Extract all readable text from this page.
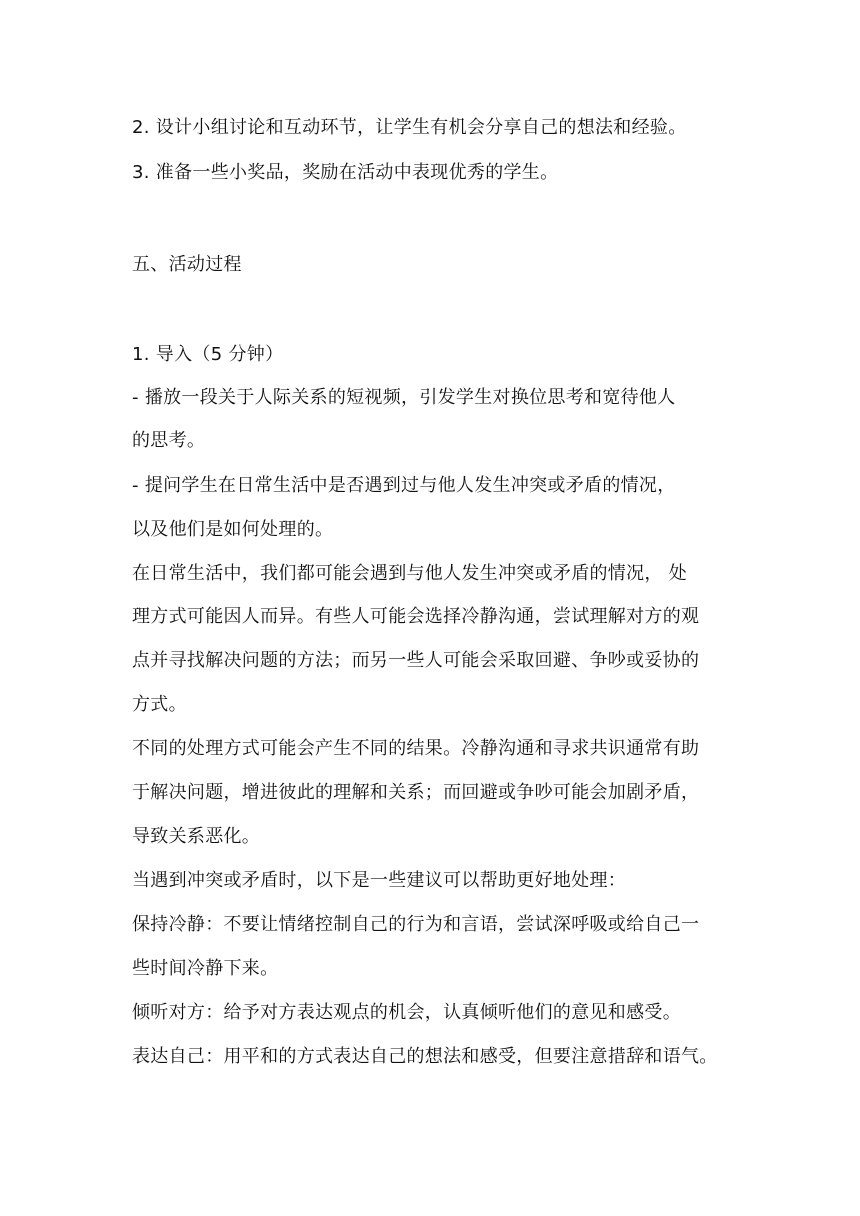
2. 设计小组讨论和互动环节，让学生有机会分享自己的想法和经验。

3. 准备一些小奖品，奖励在活动中表现优秀的学生。

五、活动过程

1. 导入（5 分钟）

- 播放一段关于人际关系的短视频，引发学生对换位思考和宽待他人

的思考。

- 提问学生在日常生活中是否遇到过与他人发生冲突或矛盾的情况，

以及他们是如何处理的。

在日常生活中，我们都可能会遇到与他人发生冲突或矛盾的情况， 处

理方式可能因人而异。有些人可能会选择冷静沟通，尝试理解对方的观

点并寻找解决问题的方法；而另一些人可能会采取回避、争吵或妥协的

方式。

不同的处理方式可能会产生不同的结果。冷静沟通和寻求共识通常有助

于解决问题，增进彼此的理解和关系；而回避或争吵可能会加剧矛盾，

导致关系恶化。

当遇到冲突或矛盾时，以下是一些建议可以帮助更好地处理：

保持冷静：不要让情绪控制自己的行为和言语，尝试深呼吸或给自己一

些时间冷静下来。

倾听对方：给予对方表达观点的机会，认真倾听他们的意见和感受。

表达自己：用平和的方式表达自己的想法和感受，但要注意措辞和语气。
